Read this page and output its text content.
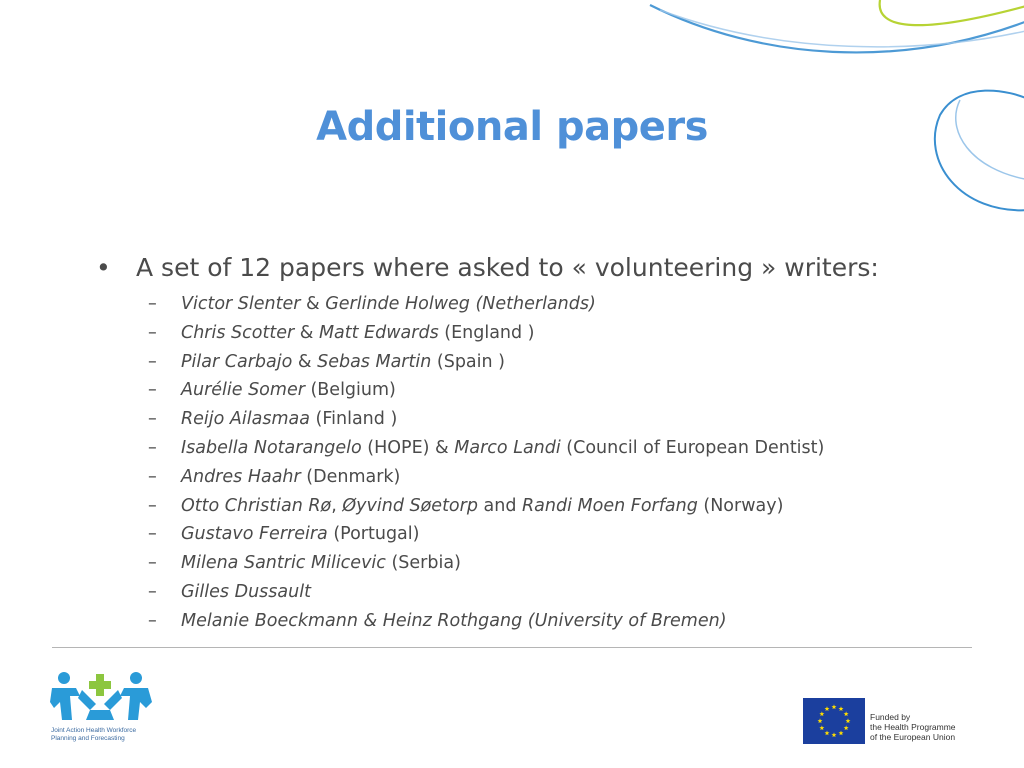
Additional papers
• A set of 12 papers where asked to « volunteering » writers:
– Victor Slenter & Gerlinde Holweg (Netherlands)
– Chris Scotter & Matt Edwards (England )
– Pilar Carbajo & Sebas Martin (Spain )
– Aurélie Somer (Belgium)
– Reijo Ailasmaa (Finland )
– Isabella Notarangelo (HOPE) & Marco Landi (Council of European Dentist)
– Andres Haahr (Denmark)
– Otto Christian Rø, Øyvind Søetorp and Randi Moen Forfang (Norway)
– Gustavo Ferreira (Portugal)
– Milena Santric Milicevic (Serbia)
– Gilles Dussault
– Melanie Boeckmann & Heinz Rothgang (University of Bremen)
Joint Action Health Workforce Planning and Forecasting
Funded by
the Health Programme
of the European Union
